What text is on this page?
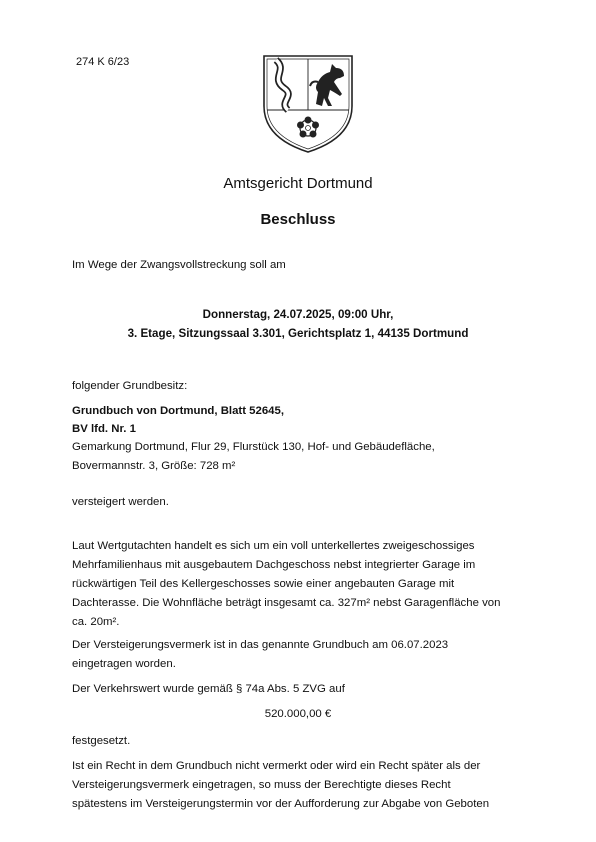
274 K 6/23
Amtsgericht Dortmund
Beschluss
Im Wege der Zwangsvollstreckung soll am
Donnerstag, 24.07.2025, 09:00 Uhr,
3. Etage, Sitzungssaal 3.301, Gerichtsplatz 1, 44135 Dortmund
folgender Grundbesitz:
Grundbuch von Dortmund, Blatt 52645,
BV lfd. Nr. 1
Gemarkung Dortmund, Flur 29, Flurstück 130, Hof- und Gebäudefläche,
Bovermannstr. 3, Größe: 728 m²
versteigert werden.
Laut Wertgutachten handelt es sich um ein voll unterkellertes zweigeschossiges
Mehrfamilienhaus mit ausgebautem Dachgeschoss nebst integrierter Garage im
rückwärtigen Teil des Kellergeschosses sowie einer angebauten Garage mit
Dachterasse. Die Wohnfläche beträgt insgesamt ca. 327m² nebst Garagenfläche von
ca. 20m².
Der Versteigerungsvermerk ist in das genannte Grundbuch am 06.07.2023
eingetragen worden.
Der Verkehrswert wurde gemäß § 74a Abs. 5 ZVG auf
520.000,00 €
festgesetzt.
Ist ein Recht in dem Grundbuch nicht vermerkt oder wird ein Recht später als der
Versteigerungsvermerk eingetragen, so muss der Berechtigte dieses Recht
spätestens im Versteigerungstermin vor der Aufforderung zur Abgabe von Geboten
